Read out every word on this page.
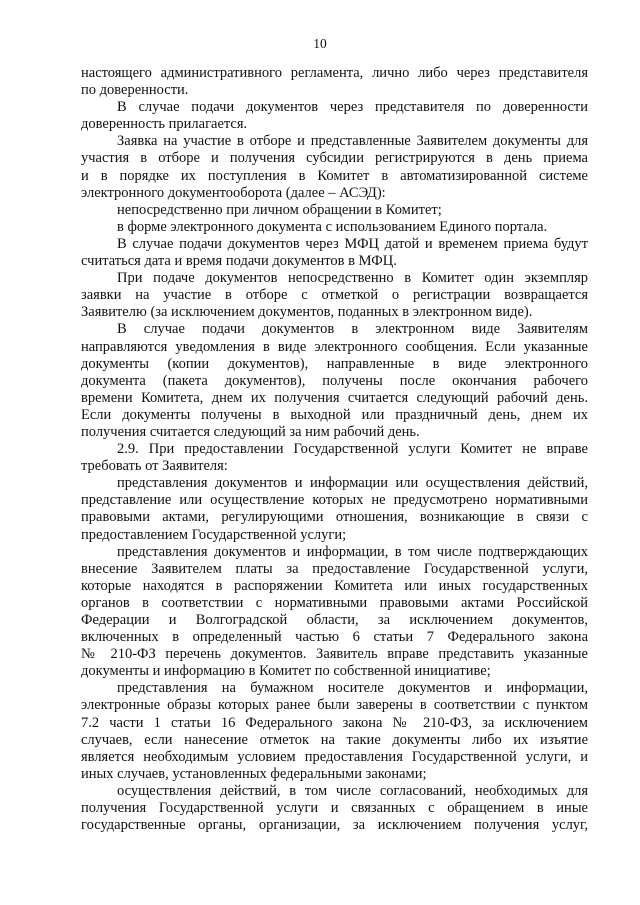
10
настоящего административного регламента, лично либо через представителя
по доверенности.
В случае подачи документов через представителя по доверенности
доверенность прилагается.
Заявка на участие в отборе и представленные Заявителем документы для
участия в отборе и получения субсидии регистрируются в день приема
и в порядке их поступления в Комитет в автоматизированной системе
электронного документооборота (далее – АСЭД):
непосредственно при личном обращении в Комитет;
в форме электронного документа с использованием Единого портала.
В случае подачи документов через МФЦ датой и временем приема будут
считаться дата и время подачи документов в МФЦ.
При подаче документов непосредственно в Комитет один экземпляр
заявки на участие в отборе с отметкой о регистрации возвращается
Заявителю (за исключением документов, поданных в электронном виде).
В случае подачи документов в электронном виде Заявителям
направляются уведомления в виде электронного сообщения. Если указанные
документы (копии документов), направленные в виде электронного
документа (пакета документов), получены после окончания рабочего
времени Комитета, днем их получения считается следующий рабочий день.
Если документы получены в выходной или праздничный день, днем их
получения считается следующий за ним рабочий день.
2.9. При предоставлении Государственной услуги Комитет не вправе
требовать от Заявителя:
представления документов и информации или осуществления действий,
представление или осуществление которых не предусмотрено нормативными
правовыми актами, регулирующими отношения, возникающие в связи с
предоставлением Государственной услуги;
представления документов и информации, в том числе подтверждающих
внесение Заявителем платы за предоставление Государственной услуги,
которые находятся в распоряжении Комитета или иных государственных
органов в соответствии с нормативными правовыми актами Российской
Федерации и Волгоградской области, за исключением документов,
включенных в определенный частью 6 статьи 7 Федерального закона
№ 210-ФЗ перечень документов. Заявитель вправе представить указанные
документы и информацию в Комитет по собственной инициативе;
представления на бумажном носителе документов и информации,
электронные образы которых ранее были заверены в соответствии с пунктом
7.2 части 1 статьи 16 Федерального закона № 210-ФЗ, за исключением
случаев, если нанесение отметок на такие документы либо их изъятие
является необходимым условием предоставления Государственной услуги, и
иных случаев, установленных федеральными законами;
осуществления действий, в том числе согласований, необходимых для
получения Государственной услуги и связанных с обращением в иные
государственные органы, организации, за исключением получения услуг,
